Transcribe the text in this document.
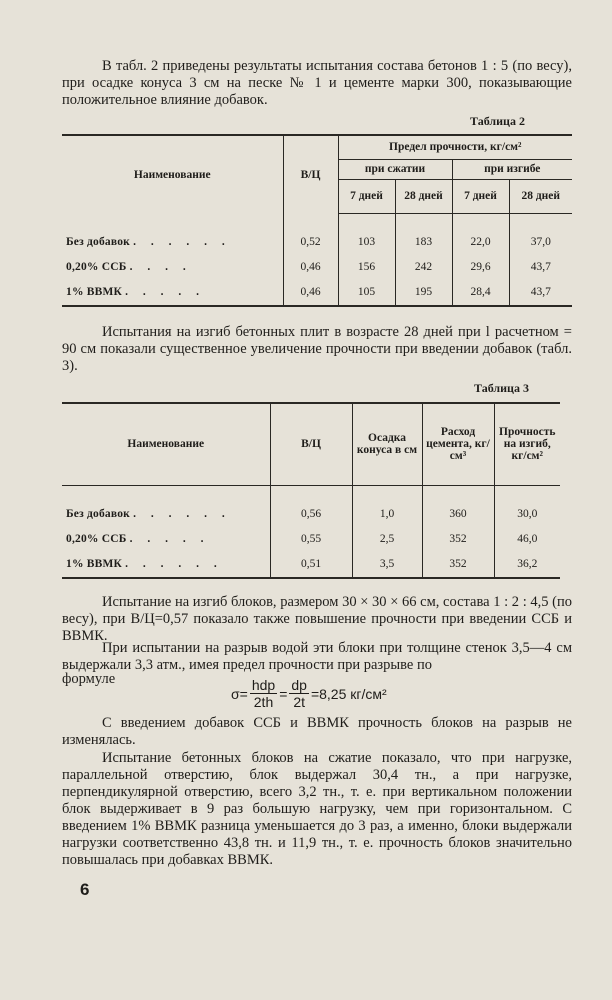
В табл. 2 приведены результаты испытания состава бетонов 1 : 5 (по весу), при осадке конуса 3 см на песке № 1 и цементе марки 300, показывающие положительное влияние добавок.

Таблица 2
Наименование	В/Ц	Предел прочности, кг/см²			
		при сжатии		при изгибе	
		7 дней	28 дней	7 дней	28 дней
Без добавок . . . . . .	0,52	103	183	22,0	37,0
0,20% ССБ . . . .	0,46	156	242	29,6	43,7
1% ВВМК . . . . .	0,46	105	195	28,4	43,7

Испытания на изгиб бетонных плит в возрасте 28 дней при l расчетном = 90 см показали существенное увеличение прочности при введении добавок (табл. 3).

Таблица 3
Наименование	В/Ц	Осадка конуса в см	Расход цемента, кг/см³	Прочность на изгиб, кг/см²
Без добавок . . . . . .	0,56	1,0	360	30,0
0,20% ССБ . . . . .	0,55	2,5	352	46,0
1% ВВМК . . . . . .	0,51	3,5	352	36,2

Испытание на изгиб блоков, размером 30 × 30 × 66 см, состава 1 : 2 : 4,5 (по весу), при В/Ц=0,57 показало также повышение прочности при введении ССБ и ВВМК.

При испытании на разрыв водой эти блоки при толщине стенок 3,5—4 см выдержали 3,3 атм., имея предел прочности при разрыве по

формуле
$\sigma= \frac{\text{hdp}}{2th} = \frac{dp}{2t} =8,25$ кг/см²

С введением добавок ССБ и ВВМК прочность блоков на разрыв не изменялась.

Испытание бетонных блоков на сжатие показало, что при нагрузке, параллельной отверстию, блок выдержал 30,4 тн., а при нагрузке, перпендикулярной отверстию, всего 3,2 тн., т. е. при вертикальном положении блок выдерживает в 9 раз большую нагрузку, чем при горизонтальном. С введением 1% ВВМК разница уменьшается до 3 раз, а именно, блоки выдержали нагрузки соответственно 43,8 тн. и 11,9 тн., т. е. прочность блоков значительно повышалась при добавках ВВМК.

6
